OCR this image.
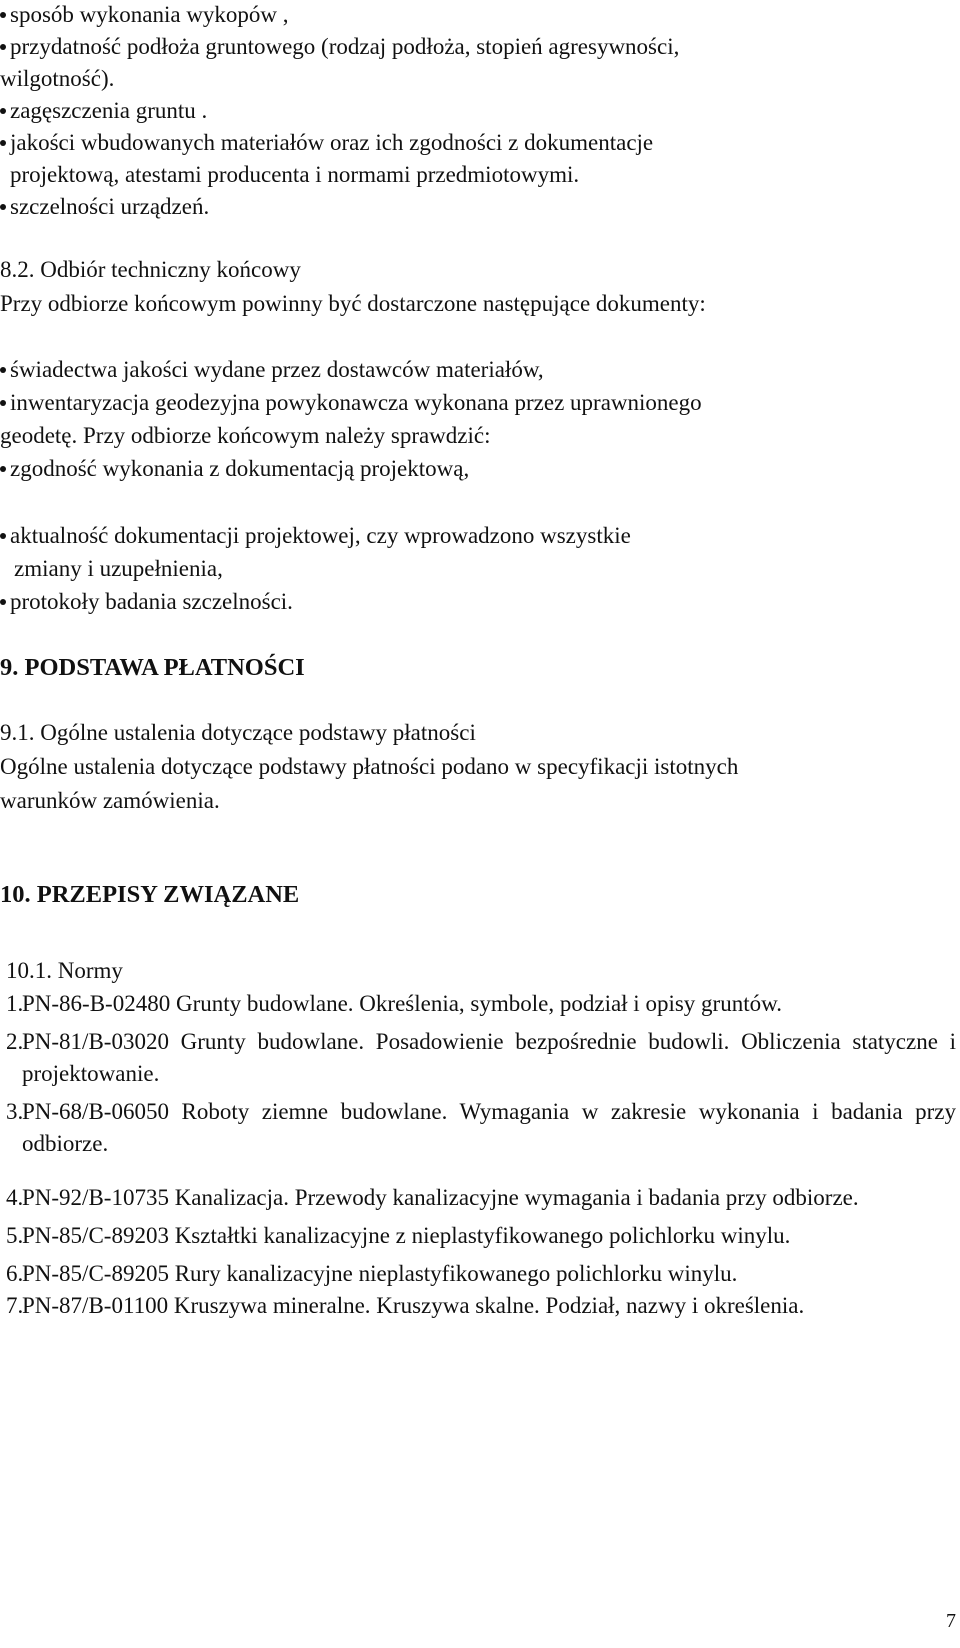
sposób wykonania wykopów ,

przydatność podłoża gruntowego (rodzaj podłoża, stopień agresywności,

wilgotność).

zagęszczenia gruntu .

jakości wbudowanych materiałów oraz ich zgodności z dokumentacje

projektową, atestami producenta i normami przedmiotowymi.

szczelności urządzeń.

8.2. Odbiór techniczny końcowy

Przy odbiorze końcowym powinny być dostarczone następujące dokumenty:

świadectwa jakości wydane przez dostawców materiałów,

inwentaryzacja geodezyjna powykonawcza wykonana przez uprawnionego

geodetę. Przy odbiorze końcowym należy sprawdzić:

zgodność wykonania z dokumentacją projektową,

aktualność dokumentacji projektowej, czy wprowadzono wszystkie

zmiany i uzupełnienia,

protokoły badania szczelności.

9. PODSTAWA PŁATNOŚCI

9.1. Ogólne ustalenia dotyczące podstawy płatności

Ogólne ustalenia dotyczące podstawy płatności podano w specyfikacji istotnych

warunków zamówienia.

10. PRZEPISY ZWIĄZANE

10.1. Normy

1.
PN-86-B-02480 Grunty budowlane. Określenia, symbole, podział i opisy gruntów.
2.
PN-81/B-03020 Grunty budowlane. Posadowienie bezpośrednie budowli. Obliczenia statyczne i projektowanie.
3.
PN-68/B-06050 Roboty ziemne budowlane. Wymagania w zakresie wykonania i badania przy odbiorze.
4.
PN-92/B-10735 Kanalizacja. Przewody kanalizacyjne wymagania i badania przy odbiorze.
5.
PN-85/C-89203 Kształtki kanalizacyjne z nieplastyfikowanego polichlorku winylu.
6.
PN-85/C-89205 Rury kanalizacyjne nieplastyfikowanego polichlorku winylu.
7.
PN-87/B-01100 Kruszywa mineralne. Kruszywa skalne. Podział, nazwy i określenia.
7
